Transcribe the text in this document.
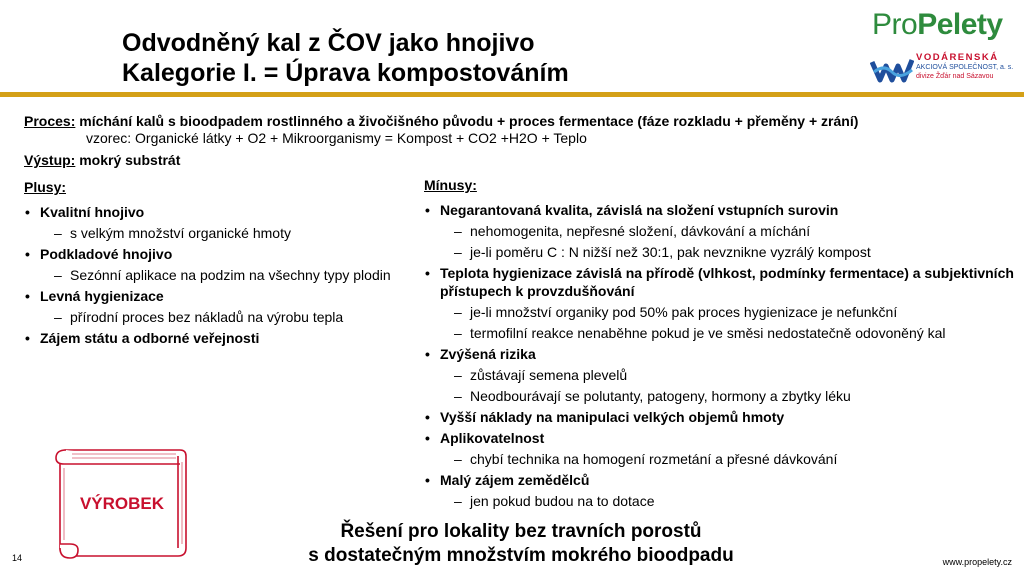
Odvodněný kal z ČOV jako hnojivo
Kalegorie I. = Úprava kompostováním
ProPelety
VODÁRENSKÁ
AKCIOVÁ SPOLEČNOST, a. s.
divize Žďár nad Sázavou
Proces: míchání kalů s bioodpadem rostlinného a živočišného původu + proces fermentace (fáze rozkladu + přeměny + zrání)
vzorec: Organické látky + O2 + Mikroorganismy = Kompost + CO2 +H2O + Teplo
Výstup: mokrý substrát
Plusy:
• Kvalitní hnojivo
– s velkým množství organické hmoty
• Podkladové hnojivo
– Sezónní aplikace na podzim na všechny typy plodin
• Levná hygienizace
– přírodní proces bez nákladů na výrobu tepla
• Zájem státu a odborné veřejnosti
Mínusy:
• Negarantovaná kvalita, závislá na složení vstupních surovin
– nehomogenita, nepřesné složení, dávkování a míchání
– je-li poměru C : N nižší než 30:1, pak nevznikne vyzrálý kompost
• Teplota hygienizace závislá na přírodě (vlhkost, podmínky fermentace) a subjektivních přístupech k provzdušňování
– je-li množství organiky pod 50% pak proces hygienizace je nefunkční
– termofilní reakce nenaběhne pokud je ve směsi nedostatečně odovoněný kal
• Zvýšená rizika
– zůstávají semena plevelů
– Neodbourávají se polutanty, patogeny, hormony a zbytky léku
• Vyšší náklady na manipulaci velkých objemů hmoty
• Aplikovatelnost
– chybí technika na homogení rozmetání a přesné dávkování
• Malý zájem zemědělců
– jen pokud budou na to dotace
VÝROBEK
Řešení pro lokality bez travních porostů
s dostatečným množstvím mokrého bioodpadu
14	www.propelety.cz
